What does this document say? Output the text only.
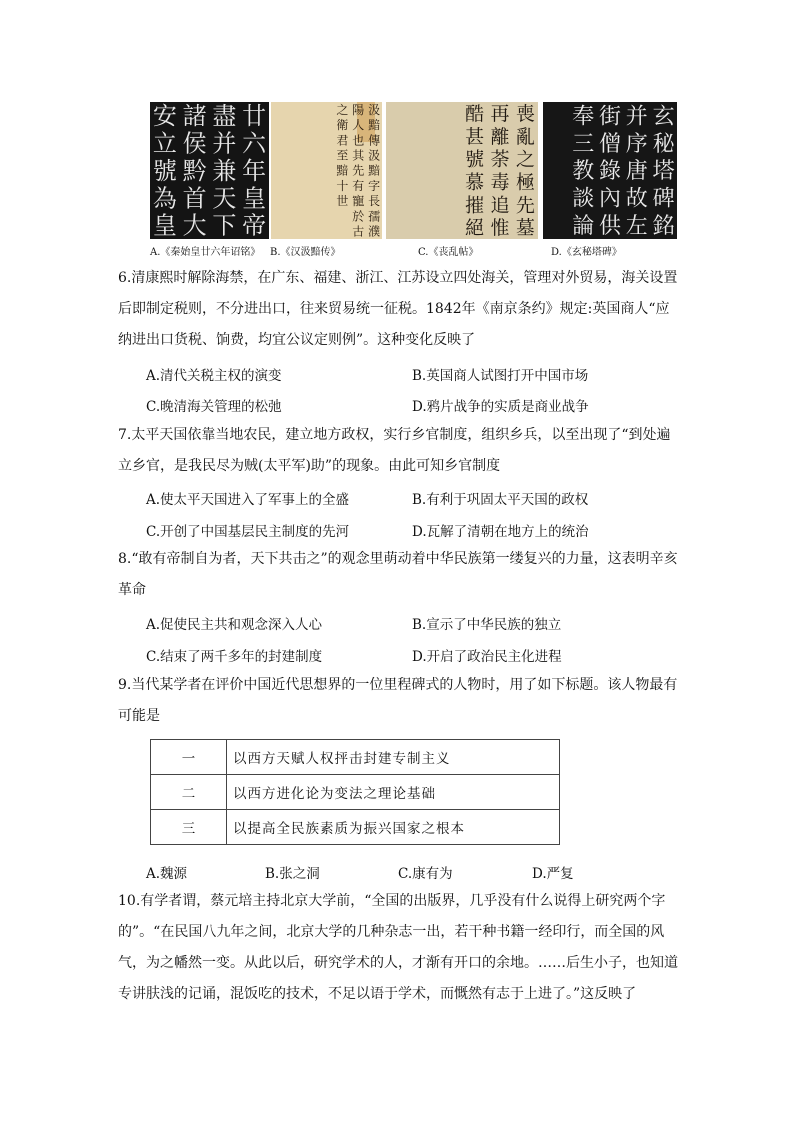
廿
六
年
皇
帝
盡
并
兼
天
下
諸
侯
黔
首
大
安
立
號
為
皇
汲
黯
傳
汲
黯
字
長
孺
濮
陽
人
也
其
先
有
寵
於
古
之
衛
君
至
黯
十
世
喪
亂
之
極
先
墓
再
離
荼
毒
追
惟
酷
甚
號
慕
摧
絕
玄
秘
塔
碑
銘
并
序
唐
故
左
街
僧
錄
內
供
奉
三
教
談
論
A.《秦始皇廿六年诏铭》 B.《汉汲黯传》	C.《丧乱帖》	D.《玄秘塔碑》
6.清康熙时解除海禁，在广东、福建、浙江、江苏设立四处海关，管理对外贸易，海关设置后即制定税则，不分进出口，往来贸易统一征税。1842年《南京条约》规定:英国商人“应纳进出口货税、饷费，均宜公议定则例”。这种变化反映了
A.清代关税主权的演变	B.英国商人试图打开中国市场
C.晚清海关管理的松弛	D.鸦片战争的实质是商业战争
7.太平天国依靠当地农民，建立地方政权，实行乡官制度，组织乡兵，以至出现了“到处遍立乡官，是我民尽为贼(太平军)助”的现象。由此可知乡官制度
A.使太平天国进入了军事上的全盛	B.有利于巩固太平天国的政权
C.开创了中国基层民主制度的先河	D.瓦解了清朝在地方上的统治
8.“敢有帝制自为者，天下共击之”的观念里萌动着中华民族第一缕复兴的力量，这表明辛亥革命
A.促使民主共和观念深入人心	B.宣示了中华民族的独立
C.结束了两千多年的封建制度	D.开启了政治民主化进程
9.当代某学者在评价中国近代思想界的一位里程碑式的人物时，用了如下标题。该人物最有可能是
一	以西方天赋人权抨击封建专制主义
二	以西方进化论为变法之理论基础
三	以提高全民族素质为振兴国家之根本
A.魏源	B.张之洞	C.康有为	D.严复
10.有学者谓，蔡元培主持北京大学前，“全国的出版界，几乎没有什么说得上研究两个字的”。“在民国八九年之间，北京大学的几种杂志一出，若干种书籍一经印行，而全国的风气，为之幡然一变。从此以后，研究学术的人，才渐有开口的余地。……后生小子，也知道专讲肤浅的记诵，混饭吃的技术，不足以语于学术，而慨然有志于上进了。”这反映了
